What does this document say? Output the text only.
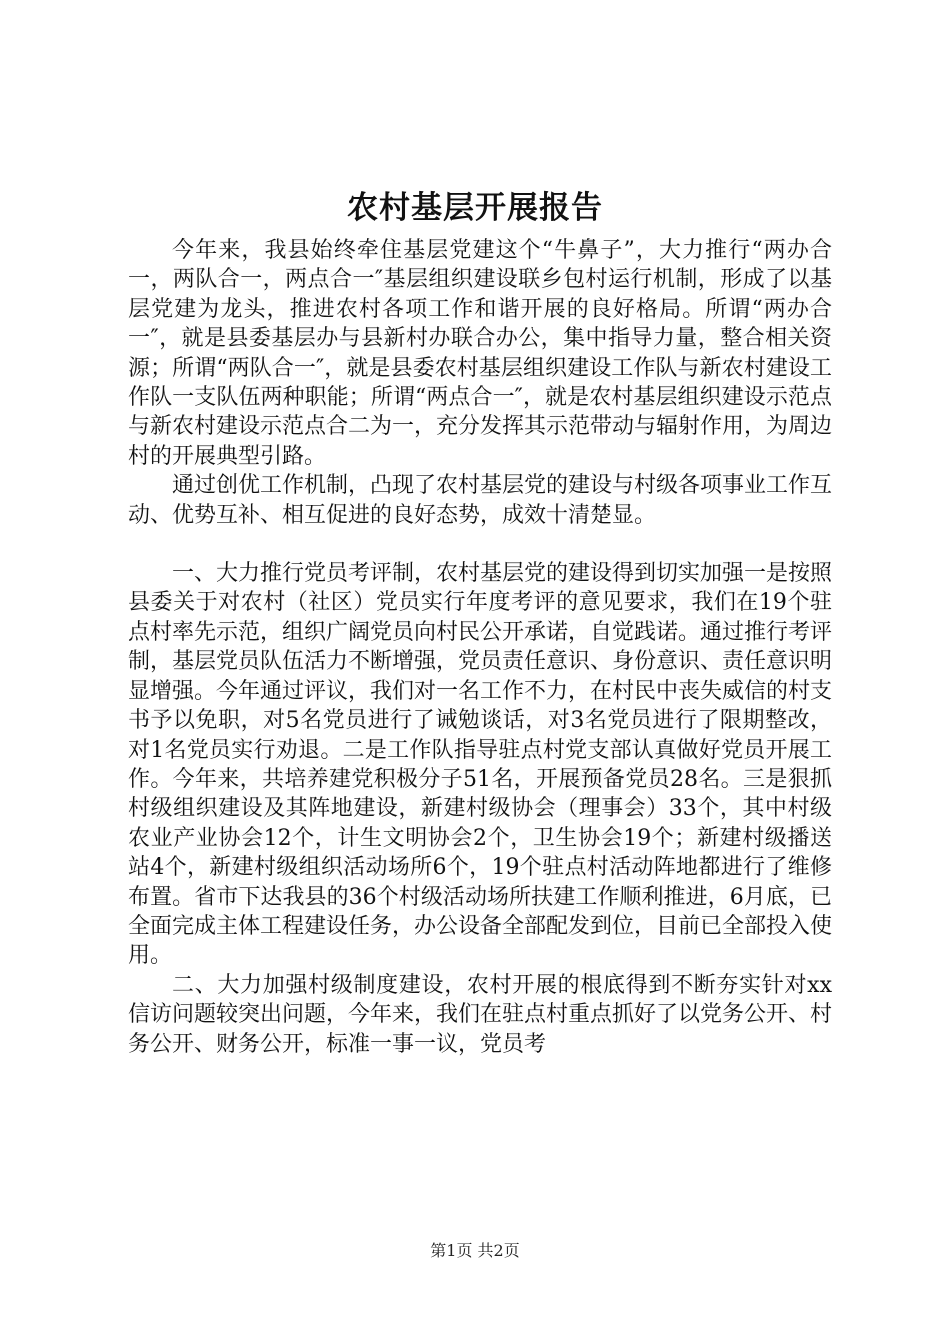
农村基层开展报告

今年来，我县始终牵住基层党建这个“牛鼻子”，大力推行“两办合一，两队合一，两点合一″基层组织建设联乡包村运行机制，形成了以基层党建为龙头，推进农村各项工作和谐开展的良好格局。所谓“两办合一″，就是县委基层办与县新村办联合办公，集中指导力量，整合相关资源；所谓“两队合一″，就是县委农村基层组织建设工作队与新农村建设工作队一支队伍两种职能；所谓“两点合一″，就是农村基层组织建设示范点与新农村建设示范点合二为一，充分发挥其示范带动与辐射作用，为周边村的开展典型引路。

通过创优工作机制，凸现了农村基层党的建设与村级各项事业工作互动、优势互补、相互促进的良好态势，成效十清楚显。

一、大力推行党员考评制，农村基层党的建设得到切实加强一是按照县委关于对农村（社区）党员实行年度考评的意见要求，我们在19个驻点村率先示范，组织广阔党员向村民公开承诺，自觉践诺。通过推行考评制，基层党员队伍活力不断增强，党员责任意识、身份意识、责任意识明显增强。今年通过评议，我们对一名工作不力，在村民中丧失威信的村支书予以免职，对5名党员进行了诫勉谈话，对3名党员进行了限期整改，对1名党员实行劝退。二是工作队指导驻点村党支部认真做好党员开展工作。今年来，共培养建党积极分子51名，开展预备党员28名。三是狠抓村级组织建设及其阵地建设，新建村级协会（理事会）33个，其中村级农业产业协会12个，计生文明协会2个，卫生协会19个；新建村级播送站4个，新建村级组织活动场所6个，19个驻点村活动阵地都进行了维修布置。省市下达我县的36个村级活动场所扶建工作顺利推进，6月底，已全面完成主体工程建设任务，办公设备全部配发到位，目前已全部投入使用。

二、大力加强村级制度建设，农村开展的根底得到不断夯实针对xx信访问题较突出问题，今年来，我们在驻点村重点抓好了以党务公开、村务公开、财务公开，标准一事一议，党员考

第1页 共2页
